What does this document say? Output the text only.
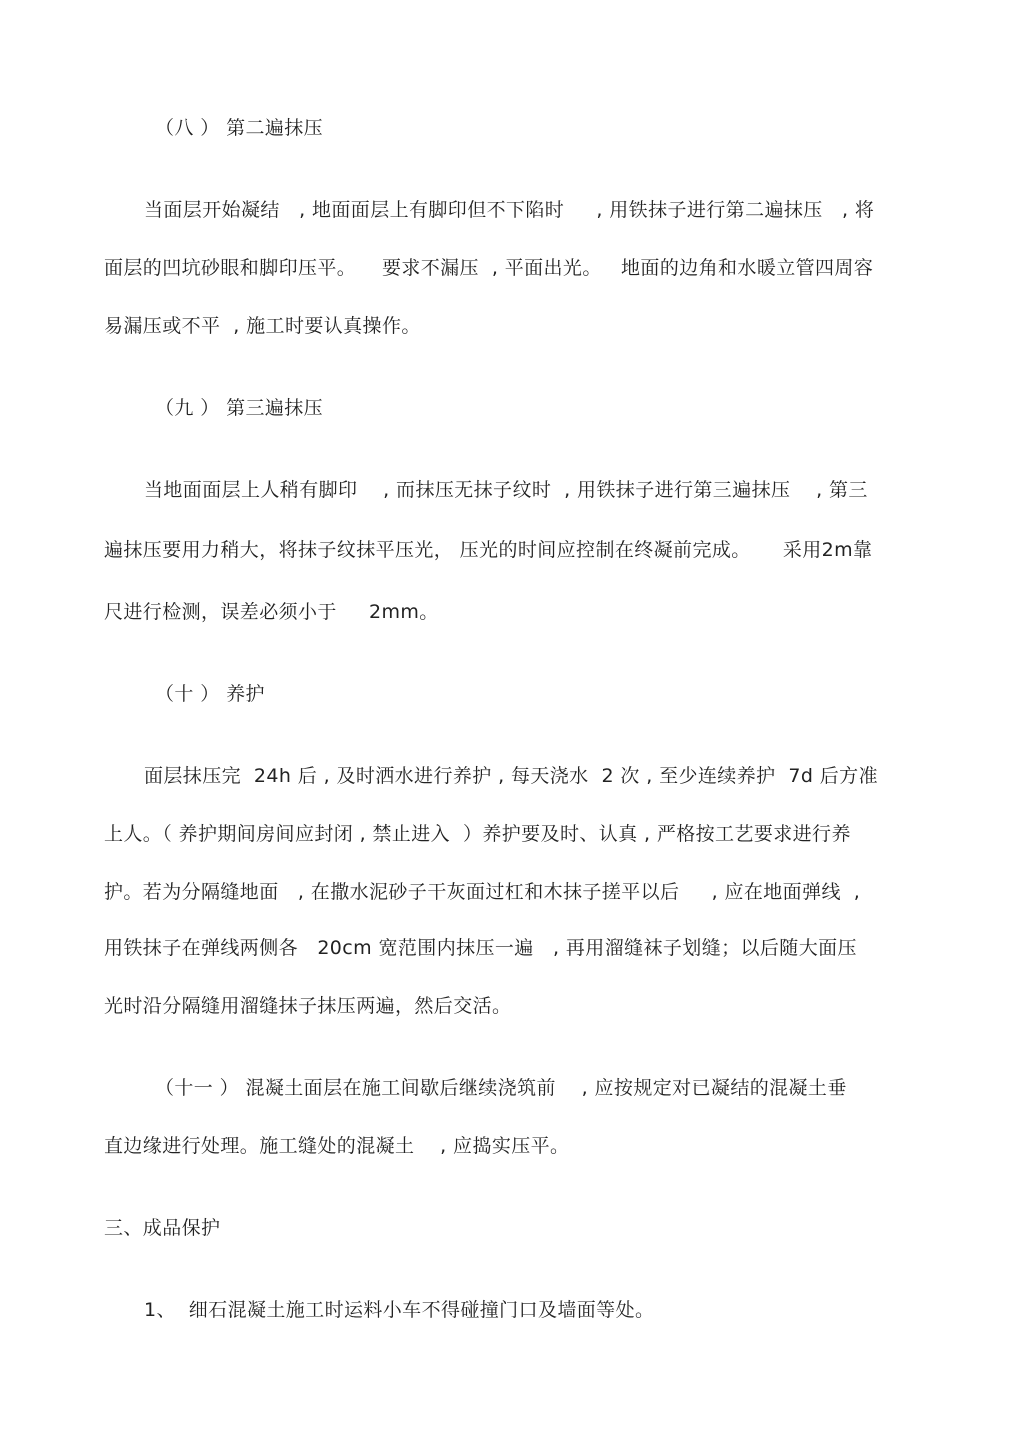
（八 ） 第二遍抹压
当面层开始凝结   , 地面面层上有脚印但不下陷时     , 用铁抹子进行第二遍抹压   , 将
面层的凹坑砂眼和脚印压平。    要求不漏压  , 平面出光。   地面的边角和水暖立管四周容
易漏压或不平  , 施工时要认真操作。
（九 ） 第三遍抹压
当地面面层上人稍有脚印    , 而抹压无抹子纹时  , 用铁抹子进行第三遍抹压    , 第三
遍抹压要用力稍大，将抹子纹抹平压光， 压光的时间应控制在终凝前完成。     采用2m靠
尺进行检测，误差必须小于     2mm。
（十 ） 养护
面层抹压完  24h 后 , 及时洒水进行养护 , 每天浇水  2 次 , 至少连续养护  7d 后方准
上人。（ 养护期间房间应封闭 , 禁止进入  ）养护要及时、认真 , 严格按工艺要求进行养
护。若为分隔缝地面   , 在撒水泥砂子干灰面过杠和木抹子搓平以后     , 应在地面弹线  ,
用铁抹子在弹线两侧各   20cm 宽范围内抹压一遍   , 再用溜缝袜子划缝；以后随大面压
光时沿分隔缝用溜缝抹子抹压两遍，然后交活。
（十一 ） 混凝土面层在施工间歇后继续浇筑前    , 应按规定对已凝结的混凝土垂
直边缘进行处理。施工缝处的混凝土    , 应捣实压平。
三、成品保护
1、  细石混凝土施工时运料小车不得碰撞门口及墙面等处。
